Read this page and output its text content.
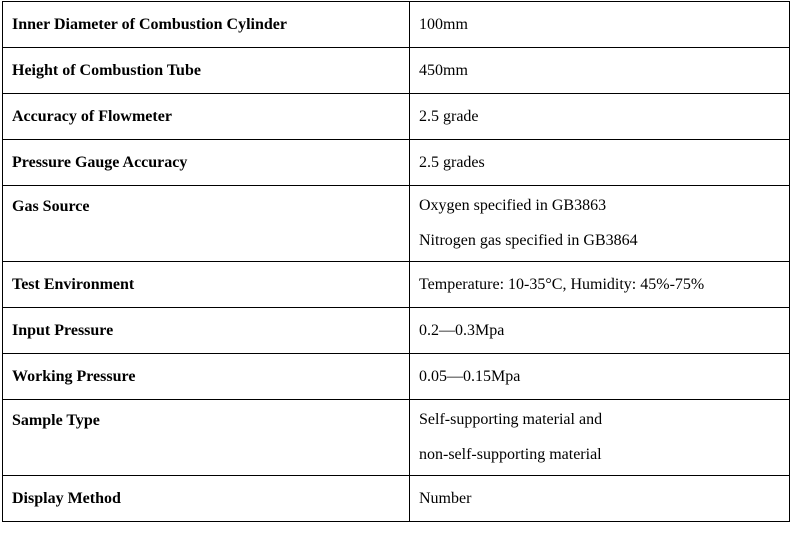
Inner Diameter of Combustion Cylinder	100mm

Height of Combustion Tube	450mm

Accuracy of Flowmeter	2.5 grade

Pressure Gauge Accuracy	2.5 grades

Gas Source	Oxygen specified in GB3863
Nitrogen gas specified in GB3864

Test Environment	Temperature: 10-35°C, Humidity: 45%-75%

Input Pressure	0.2—0.3Mpa

Working Pressure	0.05—0.15Mpa

Sample Type	Self-supporting material and
non-self-supporting material

Display Method	Number
